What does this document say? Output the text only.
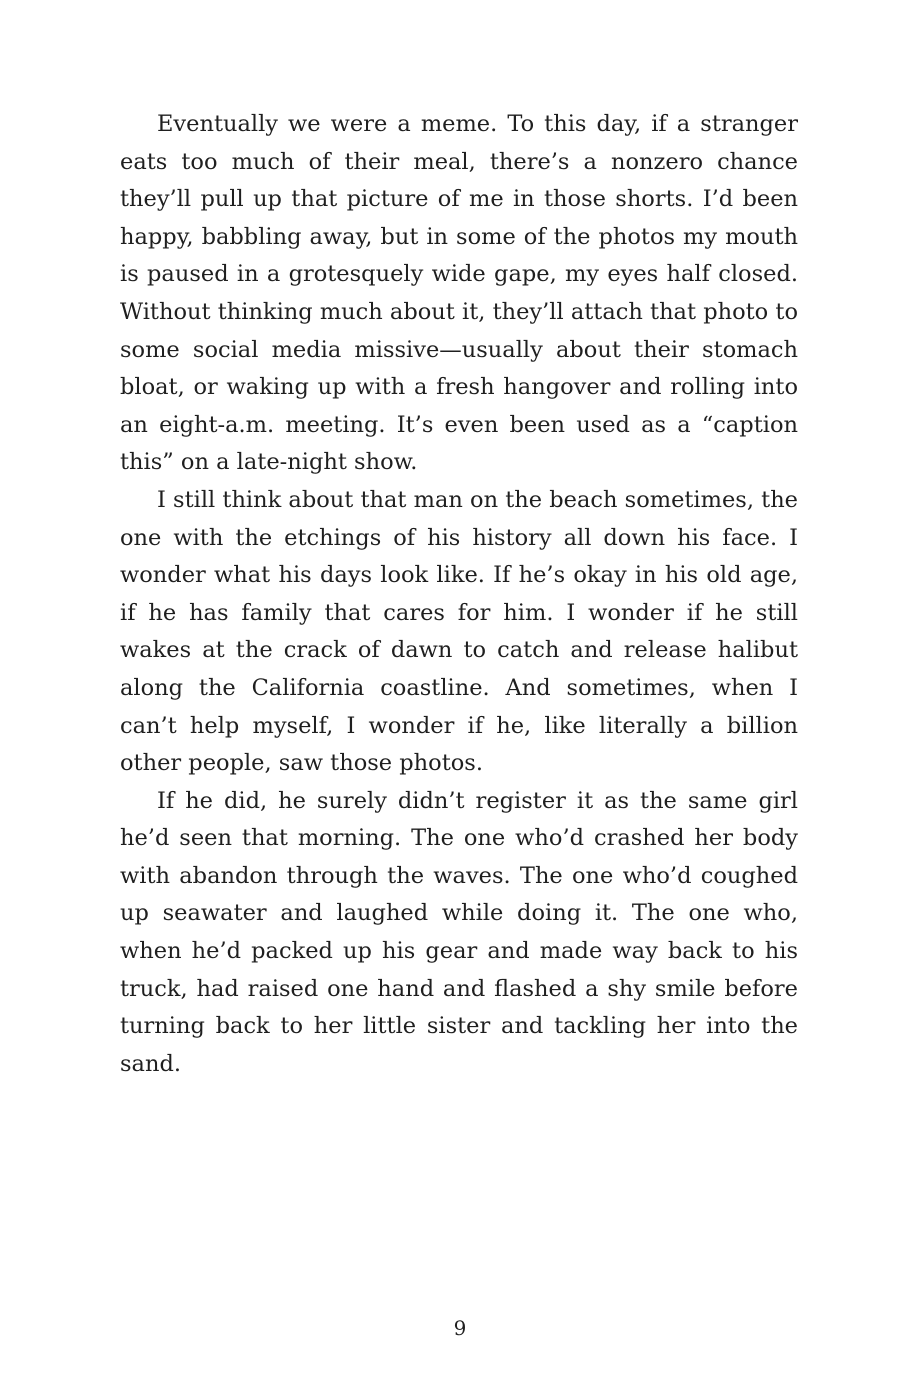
Eventually we were a meme. To this day, if a stranger eats too much of their meal, there’s a nonzero chance they’ll pull up that picture of me in those shorts. I’d been happy, babbling away, but in some of the photos my mouth is paused in a grotesquely wide gape, my eyes half closed. Without thinking much about it, they’ll attach that photo to some social media missive—usually about their stomach bloat, or waking up with a fresh hangover and rolling into an eight-a.m. meeting. It’s even been used as a “caption this” on a late-night show.

I still think about that man on the beach sometimes, the one with the etchings of his history all down his face. I wonder what his days look like. If he’s okay in his old age, if he has family that cares for him. I wonder if he still wakes at the crack of dawn to catch and release halibut along the California coastline. And sometimes, when I can’t help myself, I wonder if he, like literally a billion other people, saw those photos.

If he did, he surely didn’t register it as the same girl he’d seen that morning. The one who’d crashed her body with abandon through the waves. The one who’d coughed up seawater and laughed while doing it. The one who, when he’d packed up his gear and made way back to his truck, had raised one hand and flashed a shy smile before turning back to her little sister and tackling her into the sand.

9
